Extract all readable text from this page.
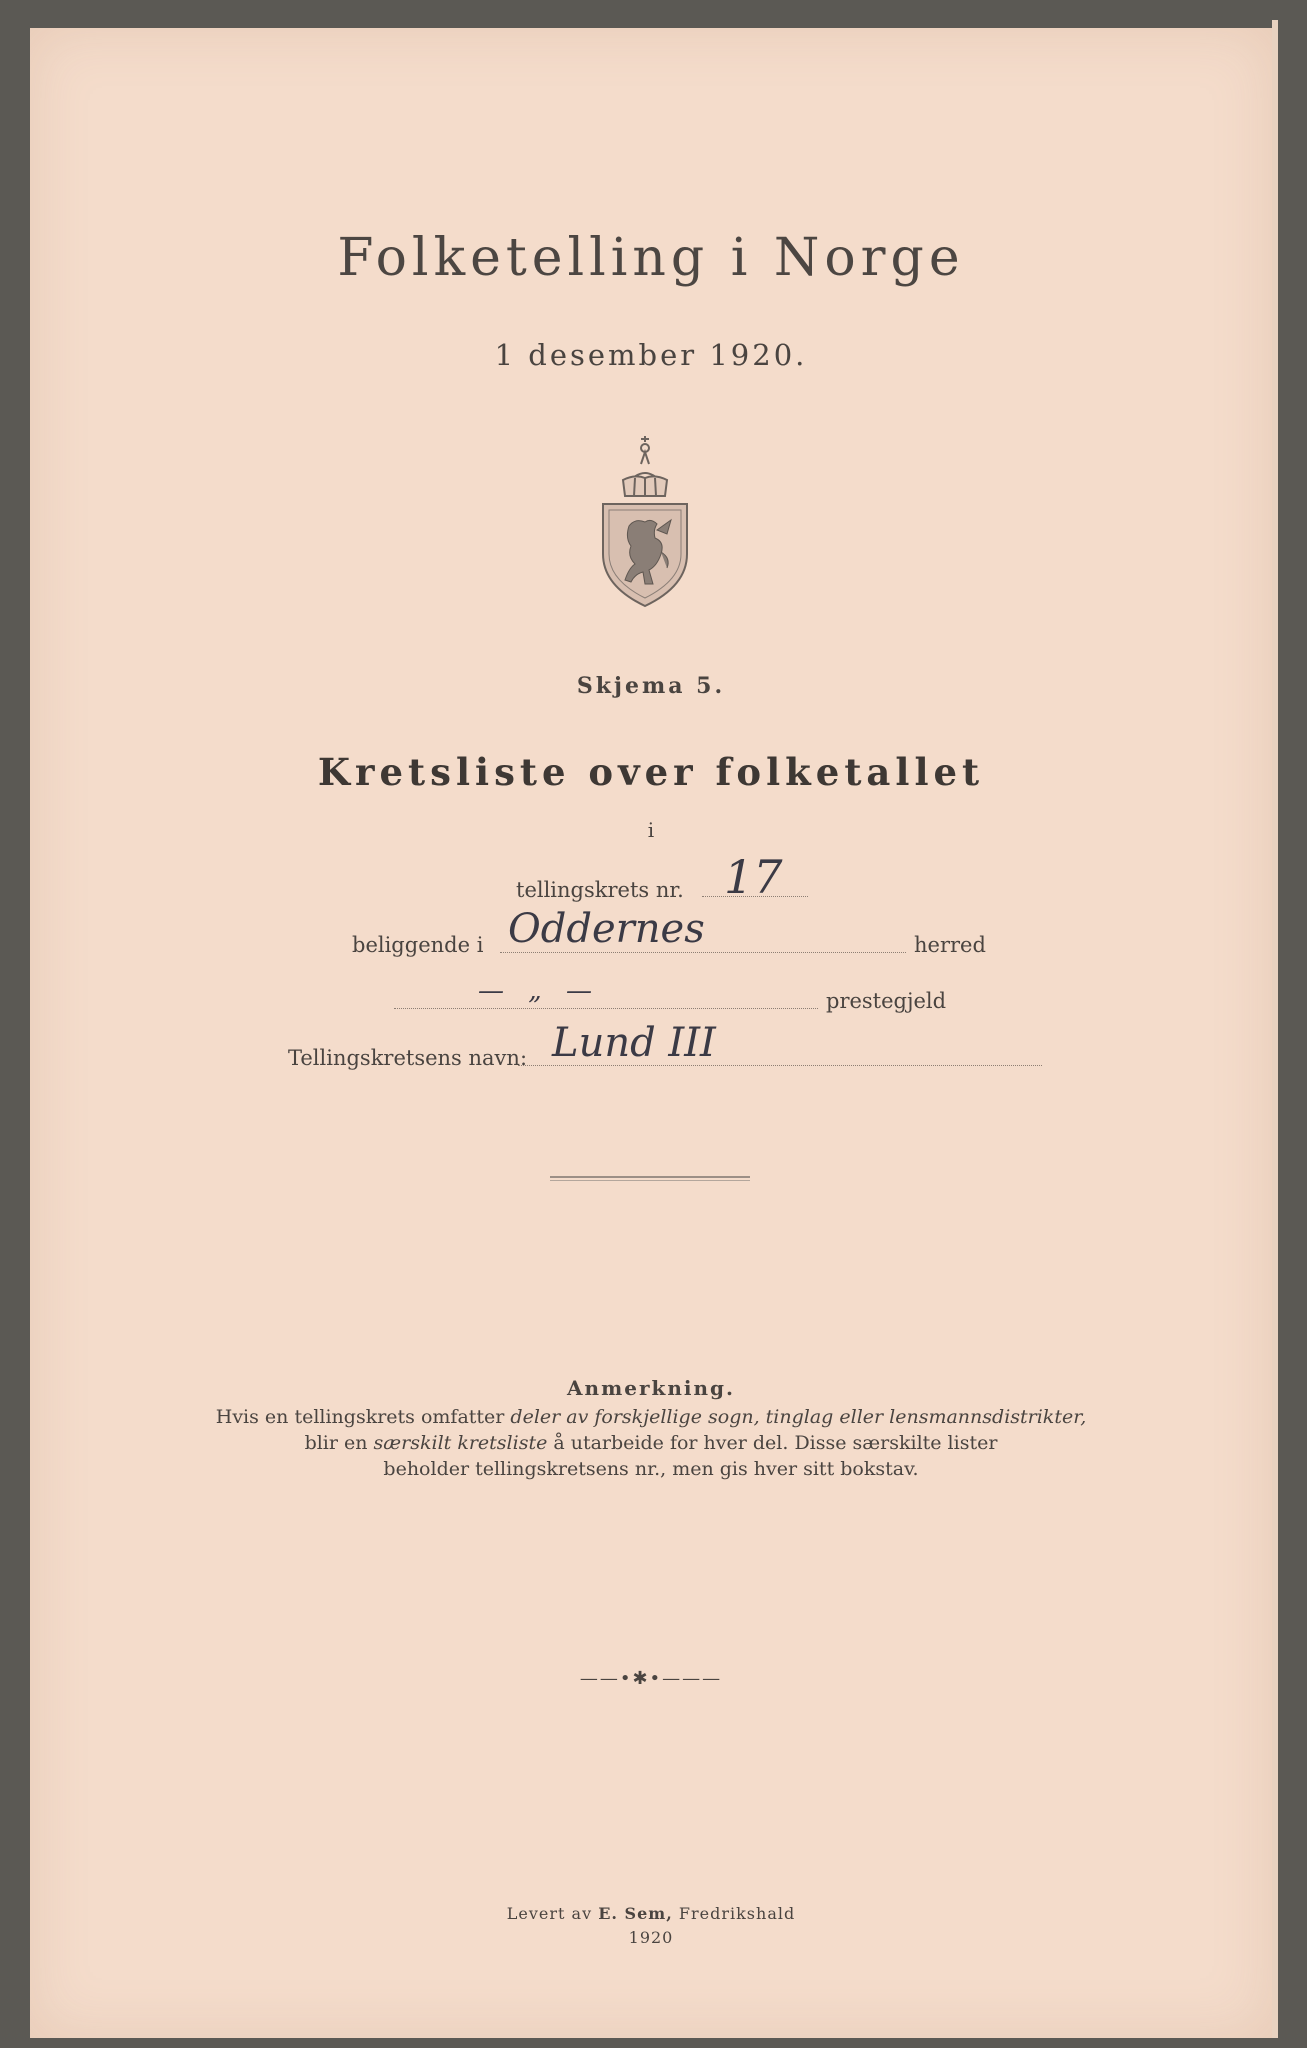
Folketelling i Norge
1 desember 1920.
Skjema 5.
Kretsliste over folketallet
i
tellingskrets nr. 17
beliggende i Oddernes	herred
— „ —	prestegjeld
Tellingskretsens navn: Lund III
Anmerkning.
Hvis en tellingskrets omfatter deler av forskjellige sogn, tinglag eller lensmannsdistrikter,
blir en særskilt kretsliste å utarbeide for hver del. Disse særskilte lister
beholder tellingskretsens nr., men gis hver sitt bokstav.
——•✱•———
Levert av E. Sem, Fredrikshald
1920
